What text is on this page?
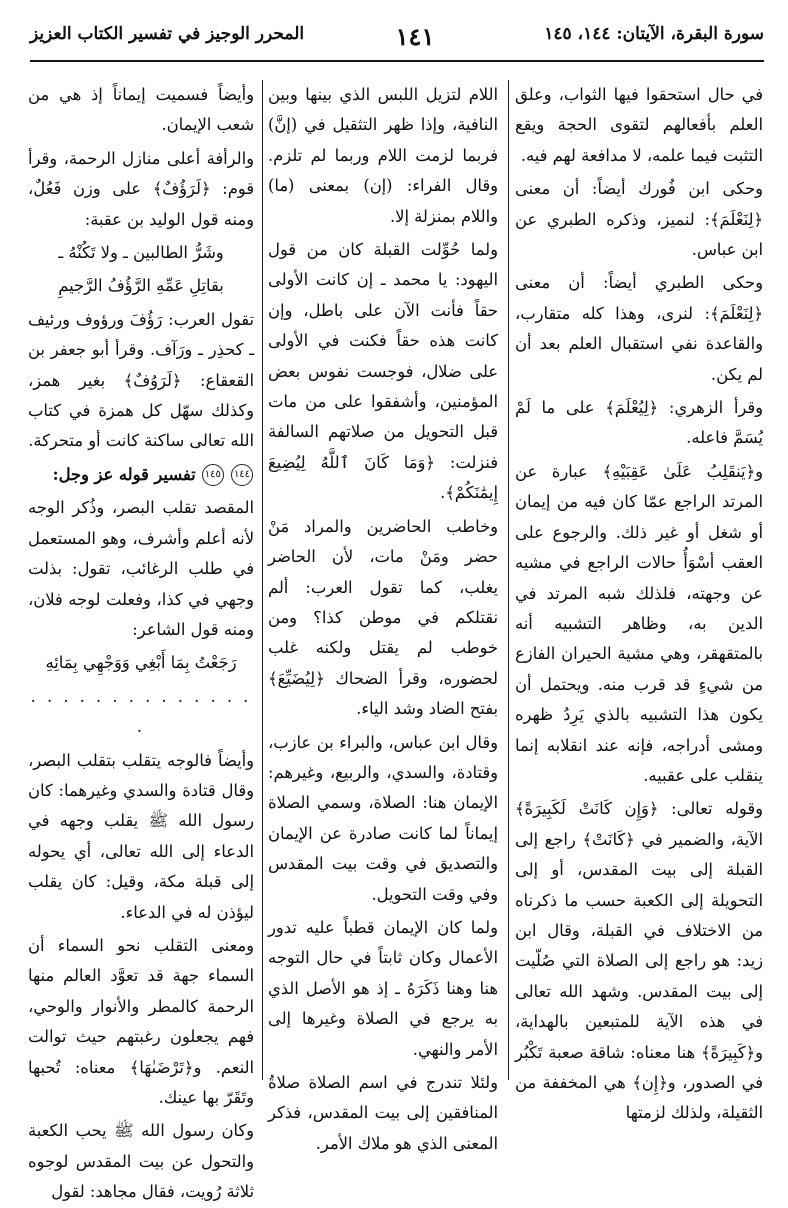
سورة البقرة، الآيتان: ١٤٤، ١٤٥
١٤١
المحرر الوجيز في تفسير الكتاب العزيز

في حال استحقوا فيها الثواب، وعلق العلم بأفعالهم لتقوى الحجة ويقع التثبت فيما علمه، لا مدافعة لهم فيه.

وحكى ابن فُورك أيضاً: أن معنى ﴿لِنَعْلَمَ﴾: لنميز، وذكره الطبري عن ابن عباس.

وحكى الطبري أيضاً: أن معنى ﴿لِنَعْلَمَ﴾: لنرى، وهذا كله متقارب، والقاعدة نفي استقبال العلم بعد أن لم يكن.

وقرأ الزهري: ﴿لِيُعْلَمَ﴾ على ما لَمْ يُسَمَّ فاعله.

و﴿يَنقَلِبُ عَلَىٰ عَقِبَيْهِ﴾ عبارة عن المرتد الراجع عمّا كان فيه من إيمان أو شغل أو غير ذلك. والرجوع على العقب أسْوَأُ حالات الراجع في مشيه عن وجهته، فلذلك شبه المرتد في الدين به، وظاهر التشبيه أنه بالمتقهقر، وهي مشية الحيران الفازع من شيءٍ قد قرب منه. ويحتمل أن يكون هذا التشبيه بالذي يَرِدُ ظهره ومشى أدراجه، فإنه عند انقلابه إنما ينقلب على عقبيه.

وقوله تعالى: ﴿وَإِن كَانَتْ لَكَبِيرَةً﴾ الآية، والضمير في ﴿كَانَتْ﴾ راجع إلى القبلة إلى بيت المقدس، أو إلى التحويلة إلى الكعبة حسب ما ذكرناه من الاختلاف في القبلة، وقال ابن زيد: هو راجع إلى الصلاة التي صُلّيت إلى بيت المقدس. وشهد الله تعالى في هذه الآية للمتبعين بالهداية، و﴿كَبِيرَةً﴾ هنا معناه: شاقة صعبة تَكْبُر في الصدور، و﴿إِن﴾ هي المخففة من الثقيلة، ولذلك لزمتها

اللام لتزيل اللبس الذي بينها وبين النافية، وإذا ظهر التثقيل في (إنَّ) فربما لزمت اللام وربما لم تلزم. وقال الفراء: (إن) بمعنى (ما) واللام بمنزلة إلا.

ولما حُوِّلت القبلة كان من قول اليهود: يا محمد ـ إن كانت الأولى حقاً فأنت الآن على باطل، وإن كانت هذه حقاً فكنت في الأولى على ضلال، فوجست نفوس بعض المؤمنين، وأشفقوا على من مات قبل التحويل من صلاتهم السالفة فنزلت: ﴿وَمَا كَانَ ٱللَّهُ لِيُضِيعَ إِيمَٰنَكُمْ﴾.

وخاطب الحاضرين والمراد مَنْ حضر ومَنْ مات، لأن الحاضر يغلب، كما تقول العرب: ألم نقتلكم في موطن كذا؟ ومن خوطب لم يقتل ولكنه غلب لحضوره، وقرأ الضحاك ﴿لِيُضَيِّعَ﴾ بفتح الضاد وشد الياء.

وقال ابن عباس، والبراء بن عازب، وقتادة، والسدي، والربيع، وغيرهم: الإيمان هنا: الصلاة، وسمي الصلاة إيماناً لما كانت صادرة عن الإيمان والتصديق في وقت بيت المقدس وفي وقت التحويل.

ولما كان الإيمان قطباً عليه تدور الأعمال وكان ثابتاً في حال التوجه هنا وهنا ذَكَرَهُ ـ إذ هو الأصل الذي به يرجع في الصلاة وغيرها إلى الأمر والنهي.

ولئلا تندرج في اسم الصلاة صلاةُ المنافقين إلى بيت المقدس، فذكر المعنى الذي هو ملاك الأمر.

وأيضاً فسميت إيماناً إذ هي من شعب الإيمان.

والرأفة أعلى منازل الرحمة، وقرأ قوم: ﴿لَرَؤُفٌ﴾ على وزن فَعُلٌ، ومنه قول الوليد بن عقبة:

وشَرُّ الطالبين ـ ولا تَكُنْهُ ـ

بقاتِلِ عَمِّهِ الرَّؤُفُ الرَّجيمِ

تقول العرب: رَؤُفَ ورؤوف ورئيف ـ كحذِر ـ ورَآف. وقرأ أبو جعفر بن القعقاع: ﴿لَرَوُفٌ﴾ بغير همز، وكذلك سهّل كل همزة في كتاب الله تعالى ساكنة كانت أو متحركة.

١٤٤ ١٤٥ تفسير قوله عز وجل:

المقصد تقلب البصر، وذُكر الوجه لأنه أعلم وأشرف، وهو المستعمل في طلب الرغائب، تقول: بذلت وجهي في كذا، وفعلت لوجه فلان، ومنه قول الشاعر:

رَجَعْتُ بِمَا أَبْغِي وَوَجْهِي بِمَائِهِ

. . . . . . . . . . . . . . .

وأيضاً فالوجه يتقلب بتقلب البصر، وقال قتادة والسدي وغيرهما: كان رسول الله ﷺ يقلب وجهه في الدعاء إلى الله تعالى، أي يحوله إلى قبلة مكة، وقيل: كان يقلب ليؤذن له في الدعاء.

ومعنى التقلب نحو السماء أن السماء جهة قد تعوَّد العالم منها الرحمة كالمطر والأنوار والوحي، فهم يجعلون رغبتهم حيث توالت النعم. و﴿تَرْضَىٰهَا﴾ معناه: تُحبها وتَقَرّ بها عينك.

وكان رسول الله ﷺ يحب الكعبة والتحول عن بيت المقدس لوجوه ثلاثة رُويت، فقال مجاهد: لقول
